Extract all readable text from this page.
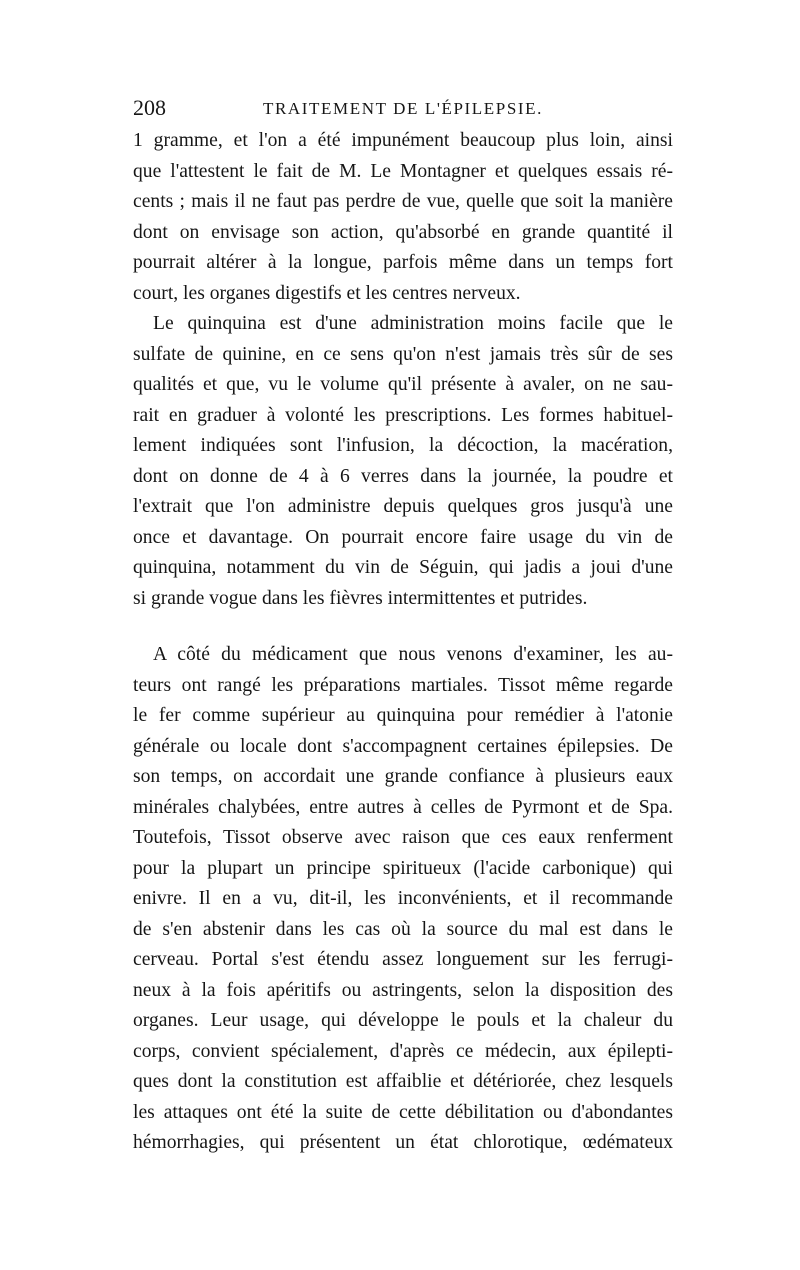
208	TRAITEMENT DE L'ÉPILEPSIE.
1 gramme, et l'on a été impunément beaucoup plus loin, ainsi
que l'attestent le fait de M. Le Montagner et quelques essais ré-
cents ; mais il ne faut pas perdre de vue, quelle que soit la manière
dont on envisage son action, qu'absorbé en grande quantité il
pourrait altérer à la longue, parfois même dans un temps fort
court, les organes digestifs et les centres nerveux.
Le quinquina est d'une administration moins facile que le
sulfate de quinine, en ce sens qu'on n'est jamais très sûr de ses
qualités et que, vu le volume qu'il présente à avaler, on ne sau-
rait en graduer à volonté les prescriptions. Les formes habituel-
lement indiquées sont l'infusion, la décoction, la macération,
dont on donne de 4 à 6 verres dans la journée, la poudre et
l'extrait que l'on administre depuis quelques gros jusqu'à une
once et davantage. On pourrait encore faire usage du vin de
quinquina, notamment du vin de Séguin, qui jadis a joui d'une
si grande vogue dans les fièvres intermittentes et putrides.
A côté du médicament que nous venons d'examiner, les au-
teurs ont rangé les préparations martiales. Tissot même regarde
le fer comme supérieur au quinquina pour remédier à l'atonie
générale ou locale dont s'accompagnent certaines épilepsies. De
son temps, on accordait une grande confiance à plusieurs eaux
minérales chalybées, entre autres à celles de Pyrmont et de Spa.
Toutefois, Tissot observe avec raison que ces eaux renferment
pour la plupart un principe spiritueux (l'acide carbonique) qui
enivre. Il en a vu, dit-il, les inconvénients, et il recommande
de s'en abstenir dans les cas où la source du mal est dans le
cerveau. Portal s'est étendu assez longuement sur les ferrugi-
neux à la fois apéritifs ou astringents, selon la disposition des
organes. Leur usage, qui développe le pouls et la chaleur du
corps, convient spécialement, d'après ce médecin, aux épilepti-
ques dont la constitution est affaiblie et détériorée, chez lesquels
les attaques ont été la suite de cette débilitation ou d'abondantes
hémorrhagies, qui présentent un état chlorotique, œdémateux
